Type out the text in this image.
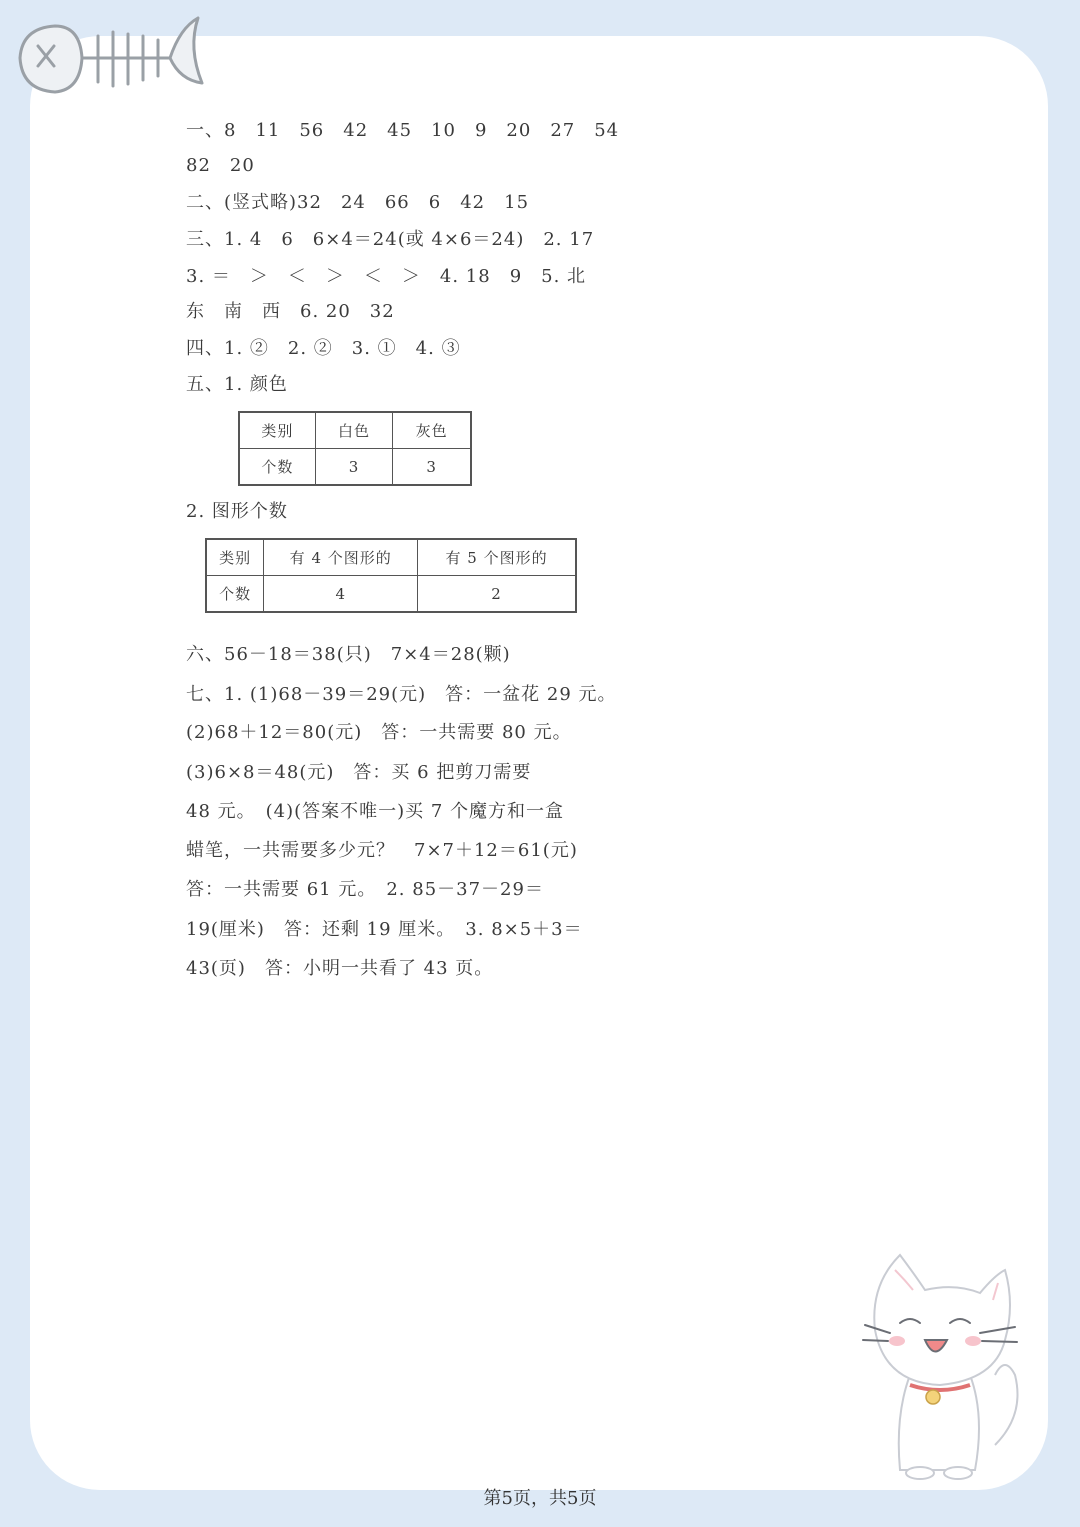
一、8　11　56　42　45　10　9　20　27　54
82　20
二、(竖式略)32　24　66　6　42　15
三、1. 4　6　6×4＝24(或 4×6＝24)　2. 17
3. ＝　＞　＜　＞　＜　＞　4. 18　9　5. 北
东　南　西　6. 20　32
四、1. ②　2. ②　3. ①　4. ③
五、1. 颜色
类别	白色	灰色
个数	3	3
2. 图形个数
类别	有 4 个图形的	有 5 个图形的
个数	4	2
六、56－18＝38(只)　7×4＝28(颗)
七、1. (1)68－39＝29(元)　答：一盆花 29 元。
(2)68＋12＝80(元)　答：一共需要 80 元。
(3)6×8＝48(元)　答：买 6 把剪刀需要
48 元。　(4)(答案不唯一)买 7 个魔方和一盒
蜡笔，一共需要多少元？　7×7＋12＝61(元)
答：一共需要 61 元。　2. 85－37－29＝
19(厘米)　答：还剩 19 厘米。　3. 8×5＋3＝
43(页)　答：小明一共看了 43 页。
第5页，共5页
